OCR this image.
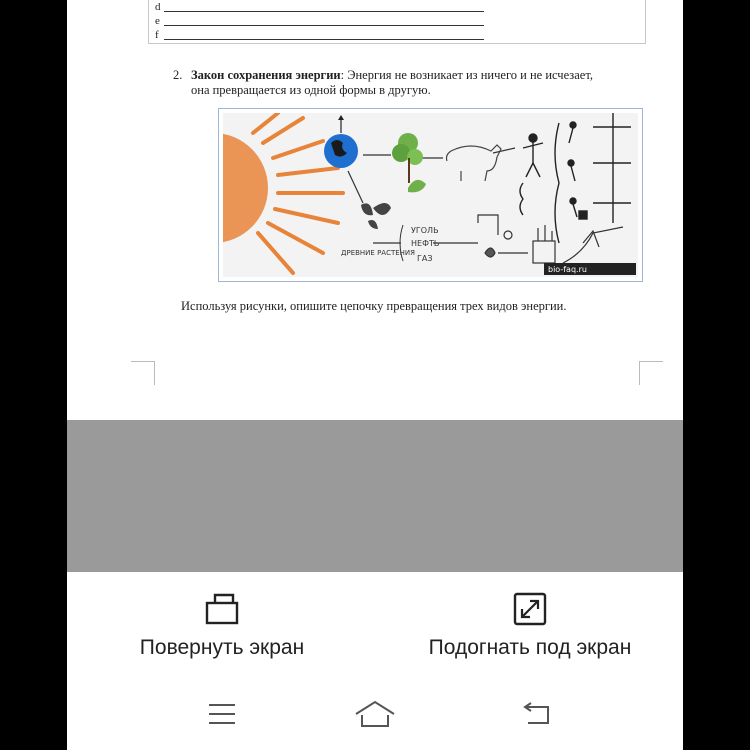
d
e
f
2. Закон сохранения энергии: Энергия не возникает из ничего и не исчезает, она превращается из одной формы в другую.
ДРЕВНИЕ РАСТЕНИЯ
УГОЛЬ
НЕФТЬ
ГАЗ
bio-faq.ru
Используя рисунки, опишите цепочку превращения трех видов энергии.
Повернуть экран	Подогнать под экран
